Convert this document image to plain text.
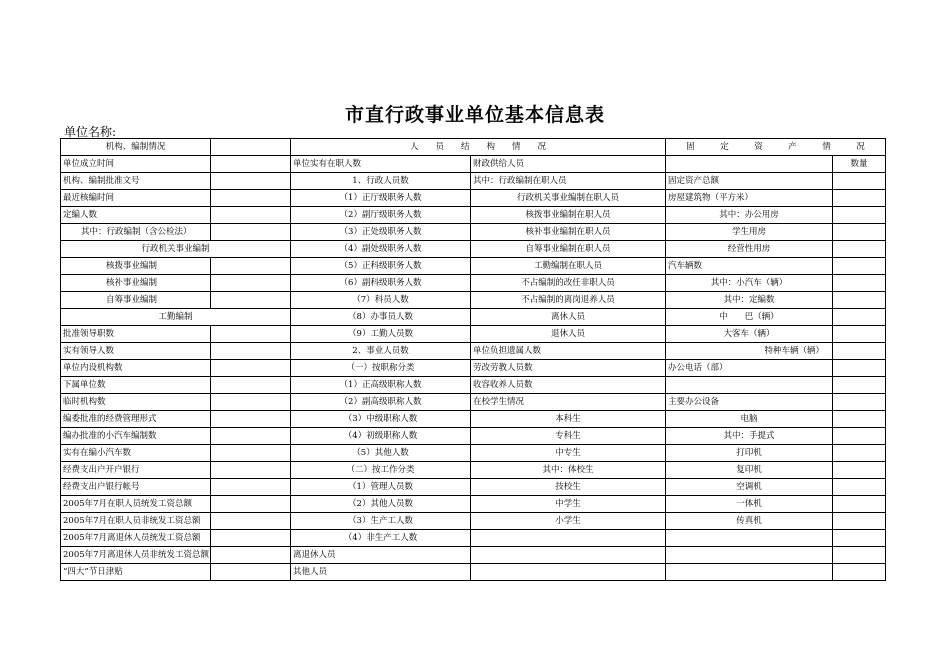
市直行政事业单位基本信息表
单位名称:
机构、编制情况		人　　员　　结　　构　　情　　况		固　　　定　　　资　　　产　　　情　　　况	
单位成立时间		单位实有在职人数	财政供给人员		数量
机构、编制批准文号		1、行政人员数	其中：行政编制在职人员	固定资产总额	
最近核编时间		（1）正厅级职务人数	行政机关事业编制在职人员	房屋建筑物（平方米）	
定编人数		（2）副厅级职务人数	核拨事业编制在职人员	其中：办公用房	
其中：行政编制（含公检法）		（3）正处级职务人数	核补事业编制在职人员	学生用房	
行政机关事业编制		（4）副处级职务人数	自筹事业编制在职人员	经营性用房	
核拨事业编制		（5）正科级职务人数	工勤编制在职人员	汽车辆数	
核补事业编制		（6）副科级职务人数	不占编制的改任非职人员	其中：小汽车（辆）	
自筹事业编制		（7）科员人数	不占编制的离岗退养人员	其中：定编数	
工勤编制		（8）办事员人数	离休人员	中　　巴（辆）	
批准领导职数		（9）工勤人员数	退休人员	大客车（辆）	
实有领导人数		2、事业人员数	单位负担遗属人数	特种车辆（辆）	
单位内设机构数		（一）按职称分类	劳改劳教人员数	办公电话（部）	
下属单位数		（1）正高级职称人数	收容收养人员数		
临时机构数		（2）副高级职称人数	在校学生情况	主要办公设备	
编委批准的经费管理形式		（3）中级职称人数	本科生	电脑	
编办批准的小汽车编制数		（4）初级职称人数	专科生	其中：手提式	
实有在编小汽车数		（5）其他人数	中专生	打印机	
经费支出户开户银行		（二）按工作分类	其中：体校生	复印机	
经费支出户银行帐号		（1）管理人员数	技校生	空调机	
2005年7月在职人员统发工资总额		（2）其他人员数	中学生	一体机	
2005年7月在职人员非统发工资总额		（3）生产工人数	小学生	传真机	
2005年7月离退休人员统发工资总额		（4）非生产工人数			
2005年7月离退休人员非统发工资总额		离退休人员			
“四大”节日津贴		其他人员			
